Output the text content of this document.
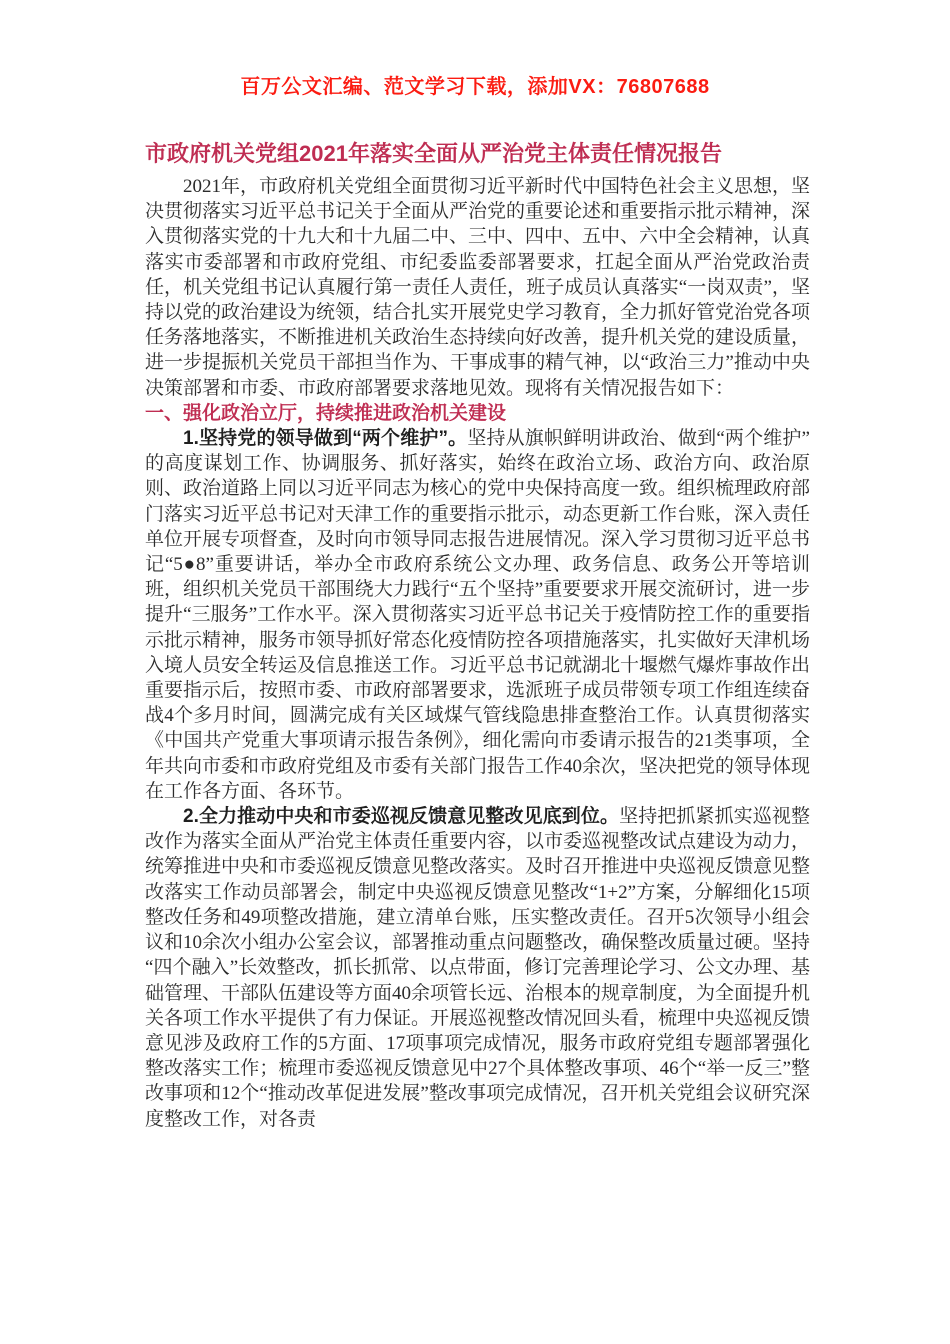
百万公文汇编、范文学习下载，添加VX：76807688
市政府机关党组2021年落实全面从严治党主体责任情况报告

2021年，市政府机关党组全面贯彻习近平新时代中国特色社会主义思想，坚决贯彻落实习近平总书记关于全面从严治党的重要论述和重要指示批示精神，深入贯彻落实党的十九大和十九届二中、三中、四中、五中、六中全会精神，认真落实市委部署和市政府党组、市纪委监委部署要求，扛起全面从严治党政治责任，机关党组书记认真履行第一责任人责任，班子成员认真落实“一岗双责”，坚持以党的政治建设为统领，结合扎实开展党史学习教育，全力抓好管党治党各项任务落地落实，不断推进机关政治生态持续向好改善，提升机关党的建设质量，进一步提振机关党员干部担当作为、干事成事的精气神，以“政治三力”推动中央决策部署和市委、市政府部署要求落地见效。现将有关情况报告如下：

一、强化政治立厅，持续推进政治机关建设

1.坚持党的领导做到“两个维护”。坚持从旗帜鲜明讲政治、做到“两个维护”的高度谋划工作、协调服务、抓好落实，始终在政治立场、政治方向、政治原则、政治道路上同以习近平同志为核心的党中央保持高度一致。组织梳理政府部门落实习近平总书记对天津工作的重要指示批示，动态更新工作台账，深入责任单位开展专项督查，及时向市领导同志报告进展情况。深入学习贯彻习近平总书记“5●8”重要讲话，举办全市政府系统公文办理、政务信息、政务公开等培训班，组织机关党员干部围绕大力践行“五个坚持”重要要求开展交流研讨，进一步提升“三服务”工作水平。深入贯彻落实习近平总书记关于疫情防控工作的重要指示批示精神，服务市领导抓好常态化疫情防控各项措施落实，扎实做好天津机场入境人员安全转运及信息推送工作。习近平总书记就湖北十堰燃气爆炸事故作出重要指示后，按照市委、市政府部署要求，选派班子成员带领专项工作组连续奋战4个多月时间，圆满完成有关区域煤气管线隐患排查整治工作。认真贯彻落实《中国共产党重大事项请示报告条例》，细化需向市委请示报告的21类事项，全年共向市委和市政府党组及市委有关部门报告工作40余次，坚决把党的领导体现在工作各方面、各环节。

2.全力推动中央和市委巡视反馈意见整改见底到位。坚持把抓紧抓实巡视整改作为落实全面从严治党主体责任重要内容，以市委巡视整改试点建设为动力，统筹推进中央和市委巡视反馈意见整改落实。及时召开推进中央巡视反馈意见整改落实工作动员部署会，制定中央巡视反馈意见整改“1+2”方案，分解细化15项整改任务和49项整改措施，建立清单台账，压实整改责任。召开5次领导小组会议和10余次小组办公室会议，部署推动重点问题整改，确保整改质量过硬。坚持“四个融入”长效整改，抓长抓常、以点带面，修订完善理论学习、公文办理、基础管理、干部队伍建设等方面40余项管长远、治根本的规章制度，为全面提升机关各项工作水平提供了有力保证。开展巡视整改情况回头看，梳理中央巡视反馈意见涉及政府工作的5方面、17项事项完成情况，服务市政府党组专题部署强化整改落实工作；梳理市委巡视反馈意见中27个具体整改事项、46个“举一反三”整改事项和12个“推动改革促进发展”整改事项完成情况，召开机关党组会议研究深度整改工作，对各责
